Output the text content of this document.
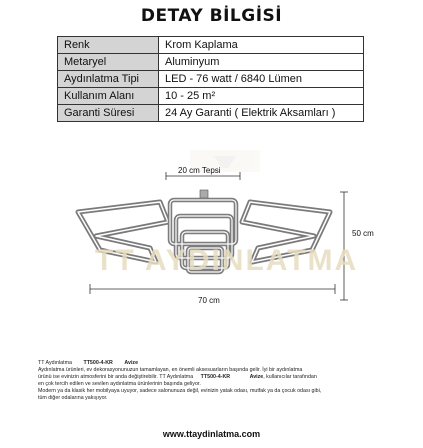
DETAY BİLGİSİ
Renk	Krom Kaplama
Metaryel	Aluminyum
Aydınlatma Tipi	LED - 76 watt / 6840 Lümen
Kullanım Alanı	10 - 25 m²
Garanti Süresi	24 Ay Garanti ( Elektrik Aksamları )
TT AYDINLATMA
20 cm Tepsi
50 cm
70 cm
TT Aydınlatma TT500-4-KR Avize
Aydınlatma ürünleri, ev dekorasyonunuzun tamamlayan, en önemli aksesuarların başında gelir. İyi bir aydınlatma
ürünü ise evinizin atmosferini bir anda değiştirebilir. TT Aydınlatma TT500-4-KR	Avize, kullanıcılar tarafından
en çok tercih edilen ve sevilen aydınlatma ürünlerinin başında geliyor.
Modern ya da klasik her mobilyaya uyuyor, sadece salonunuza değil, evinizin yatak odası, mutfak ya da çocuk odası gibi,
tüm diğer odalarına yakışıyor.
www.ttaydinlatma.com
